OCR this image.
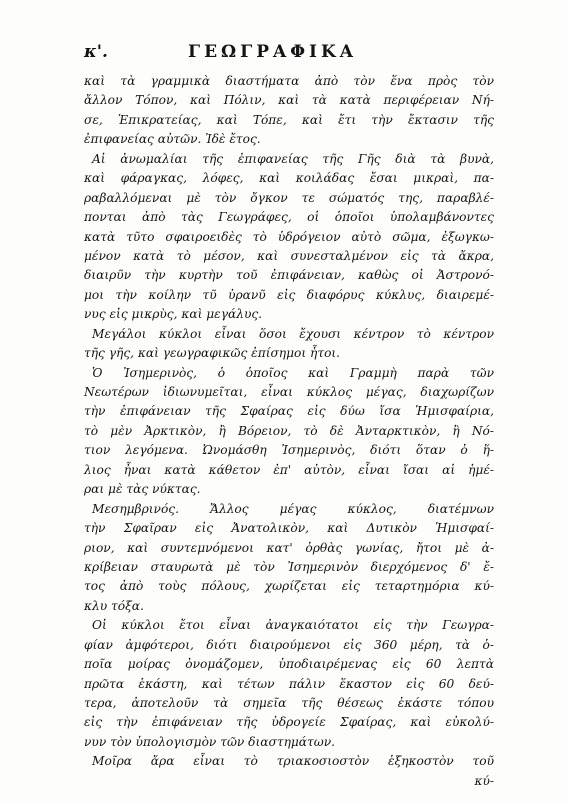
κ'.	ΓΕΩΓΡΑΦΙΚΑ
καὶ τὰ γραμμικὰ διαστήματα ἀπὸ τὸν ἕνα πρὸς τὸν
ἄλλον Τόπον, καὶ Πόλιν, καὶ τὰ κατὰ περιφέρειαν Νή-
σε, Ἐπικρατείας, καὶ Τόπε, καὶ ἔτι τὴν ἔκτασιν τῆς
ἐπιφανείας αὐτῶν. Ἰδὲ ἔτος.
Αἱ ἀνωμαλίαι τῆς ἐπιφανείας τῆς Γῆς διὰ τὰ βυνὰ,
καὶ φάραγκας, λόφες, καὶ κοιλάδας ἔσαι μικραὶ, πα-
ραβαλλόμεναι μὲ τὸν ὄγκον τε σώματός της, παραβλέ-
πονται ἀπὸ τὰς Γεωγράφες, οἱ ὁποῖοι ὑπολαμβάνοντες
κατὰ τῦτο σφαιροειδὲς τὸ ὑδρόγειον αὐτὸ σῶμα, ἐξωγκω-
μένον κατὰ τὸ μέσον, καὶ συνεσταλμένον εἰς τὰ ἄκρα,
διαιρῦν τὴν κυρτὴν τοῦ ἐπιφάνειαν, καθὼς οἱ Ἀστρονό-
μοι τὴν κοίλην τῦ ὐρανῦ εἰς διαφόρυς κύκλυς, διαιρεμέ-
νυς εἰς μικρὺς, καὶ μεγάλυς.
Μεγάλοι κύκλοι εἶναι ὅσοι ἔχουσι κέντρον τὸ κέντρον
τῆς γῆς, καὶ γεωγραφικῶς ἐπίσημοι ἦτοι.
Ὁ Ἰσημερινὸς, ὁ ὁποῖος καὶ Γραμμὴ παρὰ τῶν
Νεωτέρων ἰδιωνυμεῖται, εἶναι κύκλος μέγας, διαχωρίζων
τὴν ἐπιφάνειαν τῆς Σφαίρας εἰς δύω ἴσα Ἡμισφαίρια,
τὸ μὲν Ἀρκτικὸν, ἢ Βόρειον, τὸ δὲ Ἀνταρκτικὸν, ἢ Νό-
τιον λεγόμενα. Ὠνομάσθη Ἰσημερινὸς, διότι ὅταν ὁ ἥ-
λιος ἦναι κατὰ κάθετον ἐπ' αὐτὸν, εἶναι ἴσαι αἱ ἡμέ-
ραι μὲ τὰς νύκτας.
Μεσημβρινός. Ἄλλος μέγας κύκλος, διατέμνων
τὴν Σφαῖραν εἰς Ἀνατολικὸν, καὶ Δυτικὸν Ἡμισφαί-
ριον, καὶ συντεμνόμενοι κατ' ὀρθὰς γωνίας, ἤτοι μὲ ἀ-
κρίβειαν σταυρωτὰ μὲ τὸν Ἰσημερινὸν διερχόμενος δ' ἔ-
τος ἀπὸ τοὺς πόλους, χωρίζεται εἰς τεταρτημόρια κύ-
κλυ τόξα.
Οἱ κύκλοι ἔτοι εἶναι ἀναγκαιότατοι εἰς τὴν Γεωγρα-
φίαν ἀμφότεροι, διότι διαιρούμενοι εἰς 360 μέρη, τὰ ὁ-
ποῖα μοίρας ὀνομάζομεν, ὑποδιαιρέμενας εἰς 60 λεπτὰ
πρῶτα ἑκάστη, καὶ τέτων πάλιν ἕκαστον εἰς 60 δεύ-
τερα, ἀποτελοῦν τὰ σημεῖα τῆς θέσεως ἑκάστε τόπου
εἰς τὴν ἐπιφάνειαν τῆς ὑδρογείε Σφαίρας, καὶ εὐκολύ-
νυν τὸν ὑπολογισμὸν τῶν διαστημάτων.
Μοῖρα ἄρα εἶναι τὸ τριακοσιοστὸν ἑξηκοστὸν τοῦ
κύ-
